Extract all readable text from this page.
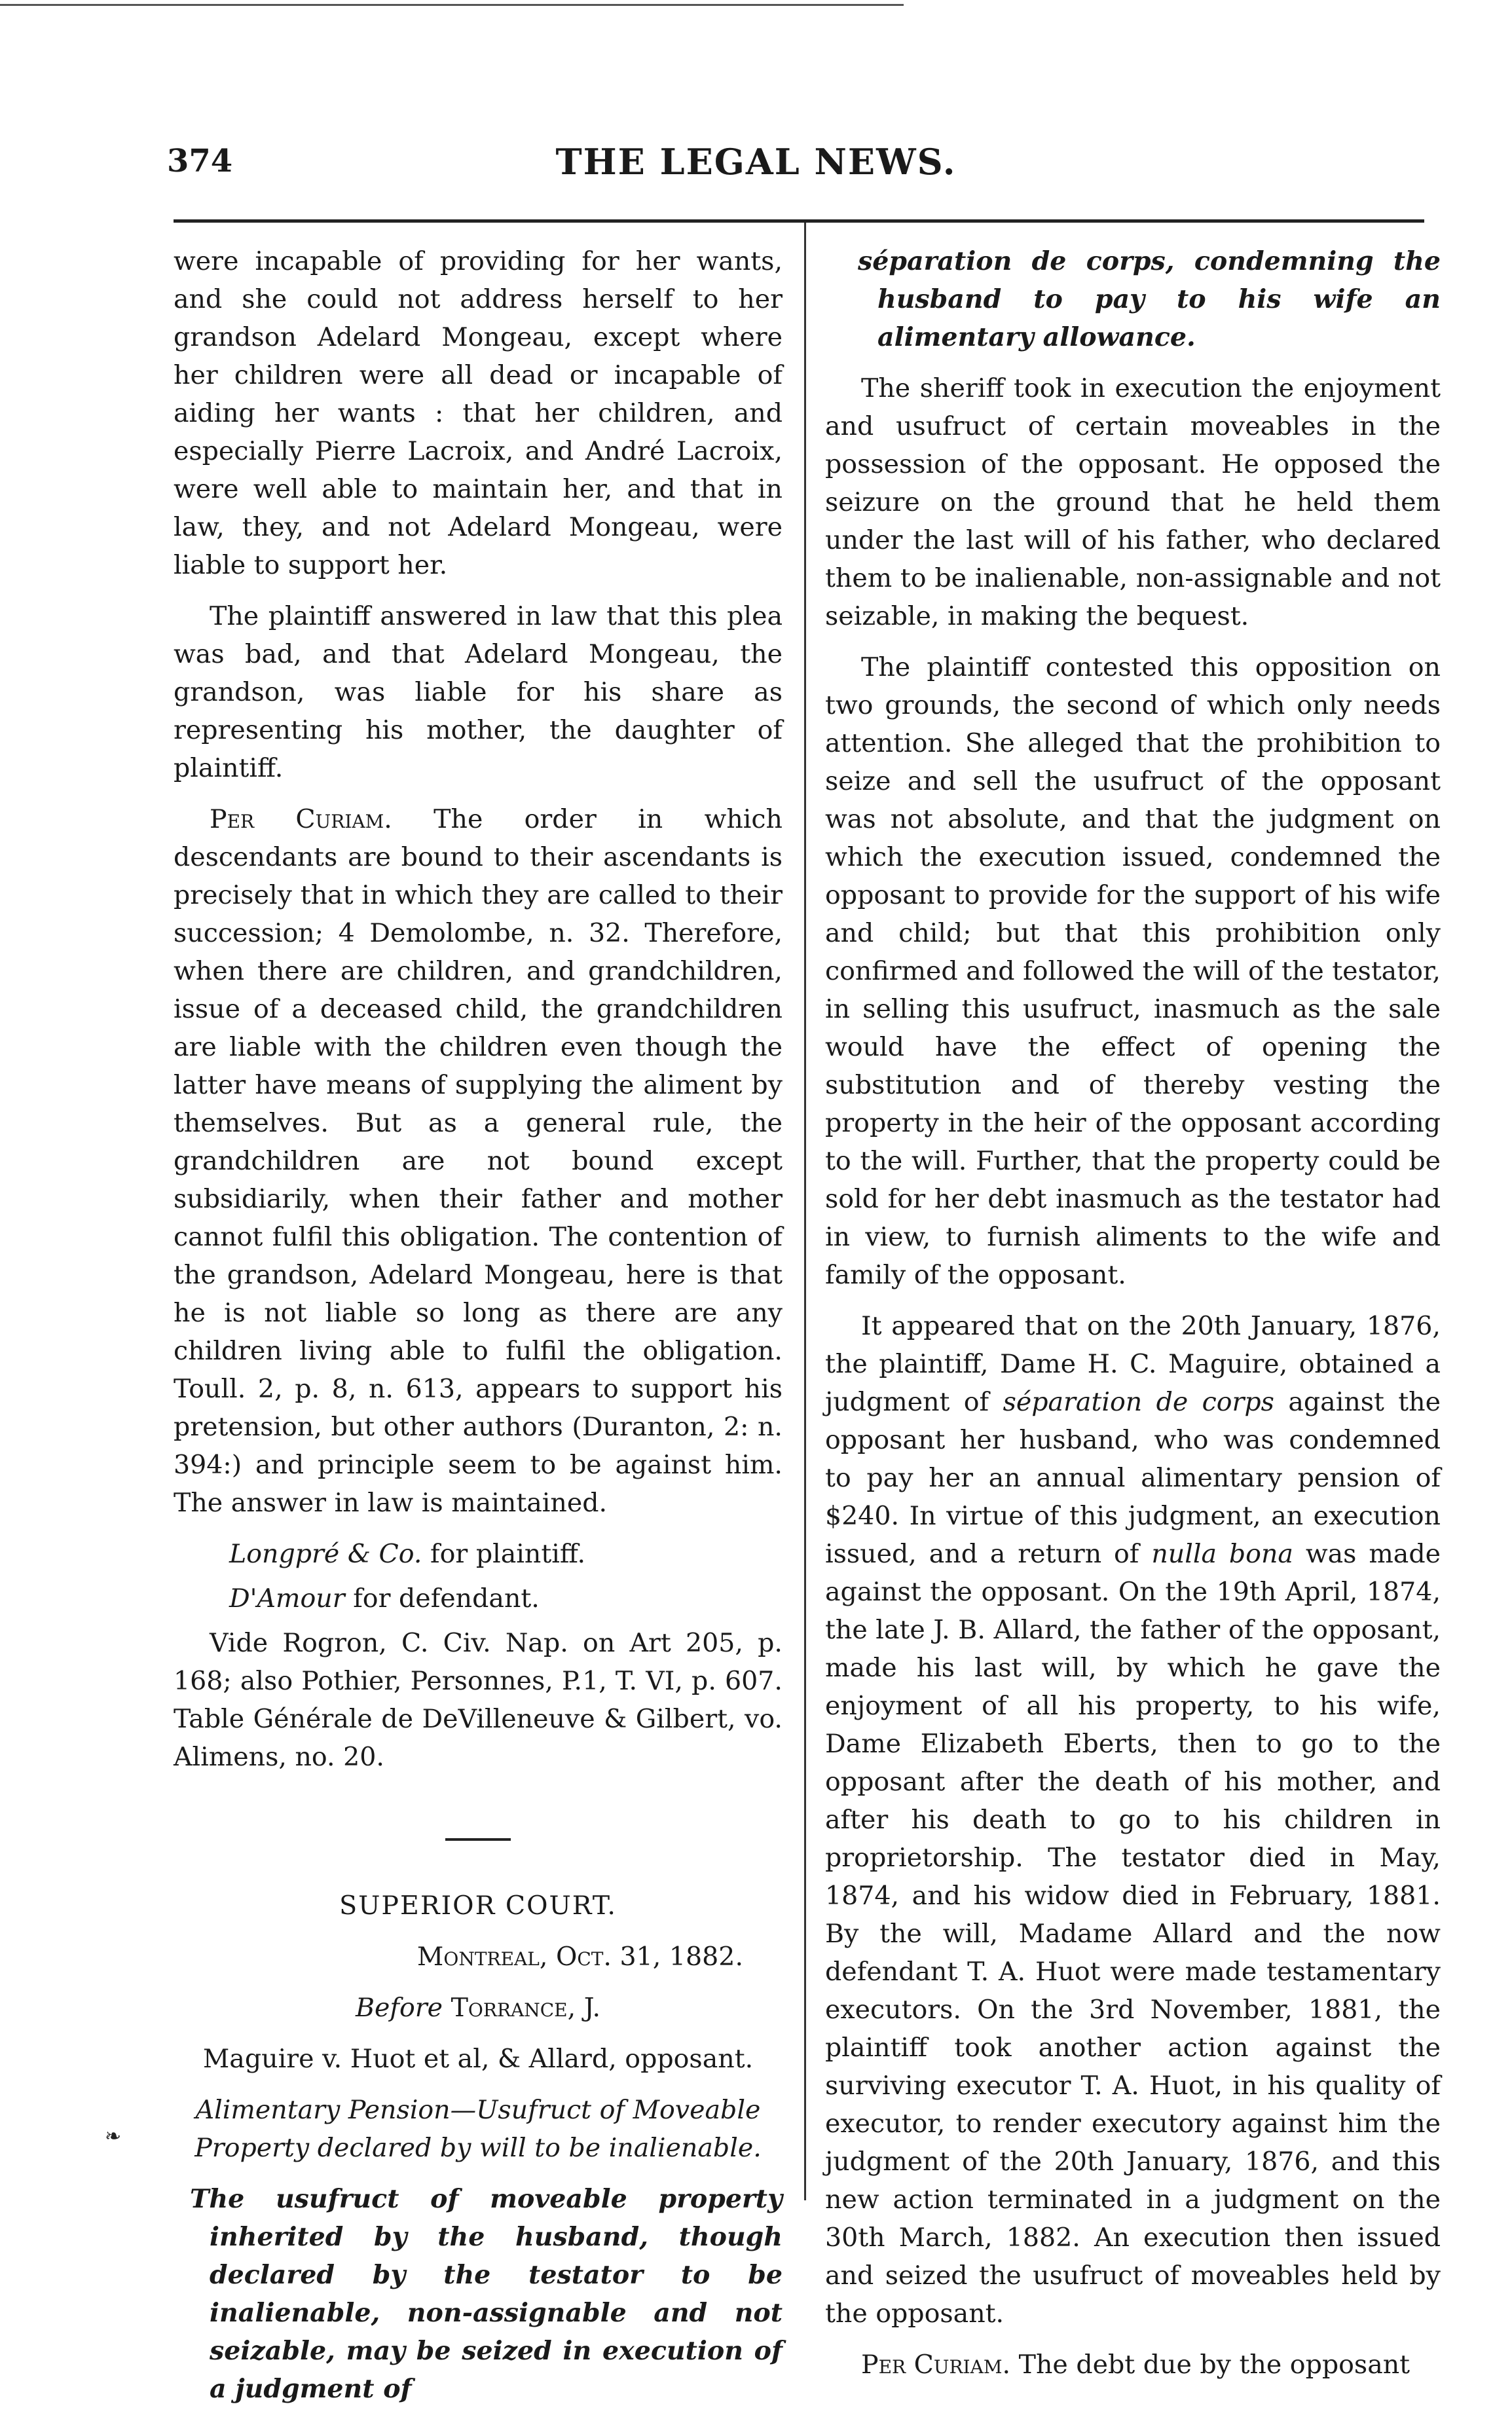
374	THE LEGAL NEWS.
❧

were incapable of providing for her wants, and she could not address herself to her grandson Adelard Mongeau, except where her children were all dead or incapable of aiding her wants : that her children, and especially Pierre Lacroix, and André Lacroix, were well able to maintain her, and that in law, they, and not Adelard Mongeau, were liable to support her.

The plaintiff answered in law that this plea was bad, and that Adelard Mongeau, the grandson, was liable for his share as representing his mother, the daughter of plaintiff.

Per Curiam. The order in which descendants are bound to their ascendants is precisely that in which they are called to their succession; 4 Demolombe, n. 32. Therefore, when there are children, and grandchildren, issue of a deceased child, the grandchildren are liable with the children even though the latter have means of supplying the aliment by themselves. But as a general rule, the grandchildren are not bound except subsidiarily, when their father and mother cannot fulfil this obligation. The contention of the grandson, Adelard Mongeau, here is that he is not liable so long as there are any children living able to fulfil the obligation. Toull. 2, p. 8, n. 613, appears to support his pretension, but other authors (Duranton, 2: n. 394:) and principle seem to be against him. The answer in law is maintained.

Longpré & Co. for plaintiff.

D'Amour for defendant.

Vide Rogron, C. Civ. Nap. on Art 205, p. 168; also Pothier, Personnes, P.1, T. VI, p. 607. Table Générale de DeVilleneuve & Gilbert, vo. Alimens, no. 20.

SUPERIOR COURT.

Montreal, Oct. 31, 1882.

Before Torrance, J.

Maguire v. Huot et al, & Allard, opposant.

Alimentary Pension—Usufruct of Moveable Property declared by will to be inalienable.

The usufruct of moveable property inherited by the husband, though declared by the testator to be inalienable, non-assignable and not seizable, may be seized in execution of a judgment of

séparation de corps, condemning the husband to pay to his wife an alimentary allowance.

The sheriff took in execution the enjoyment and usufruct of certain moveables in the possession of the opposant. He opposed the seizure on the ground that he held them under the last will of his father, who declared them to be inalienable, non-assignable and not seizable, in making the bequest.

The plaintiff contested this opposition on two grounds, the second of which only needs attention. She alleged that the prohibition to seize and sell the usufruct of the opposant was not absolute, and that the judgment on which the execution issued, condemned the opposant to provide for the support of his wife and child; but that this prohibition only confirmed and followed the will of the testator, in selling this usufruct, inasmuch as the sale would have the effect of opening the substitution and of thereby vesting the property in the heir of the opposant according to the will. Further, that the property could be sold for her debt inasmuch as the testator had in view, to furnish aliments to the wife and family of the opposant.

It appeared that on the 20th January, 1876, the plaintiff, Dame H. C. Maguire, obtained a judgment of séparation de corps against the opposant her husband, who was condemned to pay her an annual alimentary pension of $240. In virtue of this judgment, an execution issued, and a return of nulla bona was made against the opposant. On the 19th April, 1874, the late J. B. Allard, the father of the opposant, made his last will, by which he gave the enjoyment of all his property, to his wife, Dame Elizabeth Eberts, then to go to the opposant after the death of his mother, and after his death to go to his children in proprietorship. The testator died in May, 1874, and his widow died in February, 1881. By the will, Madame Allard and the now defendant T. A. Huot were made testamentary executors. On the 3rd November, 1881, the plaintiff took another action against the surviving executor T. A. Huot, in his quality of executor, to render executory against him the judgment of the 20th January, 1876, and this new action terminated in a judgment on the 30th March, 1882. An execution then issued and seized the usufruct of moveables held by the opposant.

Per Curiam. The debt due by the opposant
